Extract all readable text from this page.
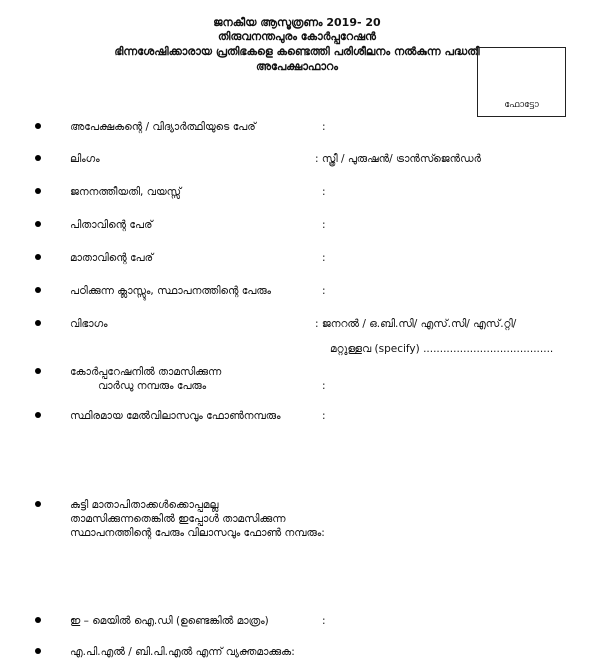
ജനകീയ ആസൂത്രണം 2019- 20
തിരുവനന്തപുരം കോർപ്പറേഷൻ
ഭിന്നശേഷിക്കാരായ പ്രതിഭകളെ കണ്ടെത്തി പരിശീലനം നൽകുന്ന പദ്ധതി
അപേക്ഷാഫാറം
ഫോട്ടോ
അപേക്ഷകന്റെ / വിദ്യാർത്ഥിയുടെ പേര്	:
ലിംഗം	: സ്ത്രീ / പുരുഷൻ/ ട്രാൻസ്ജെൻഡർ
ജനനത്തീയതി, വയസ്സ്	:
പിതാവിന്റെ പേര്	:
മാതാവിന്റെ പേര്	:
പഠിക്കുന്ന ക്ലാസ്സും, സ്ഥാപനത്തിന്റെ പേരും	:
വിഭാഗം	: ജനറൽ / ഒ.ബി.സി/ എസ്.സി/ എസ്.റ്റി/
മറ്റുള്ളവ (specify) .......................................
കോർപ്പറേഷനിൽ താമസിക്കുന്ന
വാർഡു നമ്പരും പേരും	:
സ്ഥിരമായ മേൽവിലാസവും ഫോൺനമ്പരും	:
കുട്ടി മാതാപിതാക്കൾക്കൊപ്പമല്ല
താമസിക്കുന്നതെങ്കിൽ ഇപ്പോൾ താമസിക്കുന്ന
സ്ഥാപനത്തിന്റെ പേരും വിലാസവും ഫോൺ നമ്പരും:
ഇ – മെയിൽ ഐ.ഡി (ഉണ്ടെങ്കിൽ മാത്രം)	:
എ.പി.എൽ / ബി.പി.എൽ എന്ന് വ്യക്തമാക്കുക:
